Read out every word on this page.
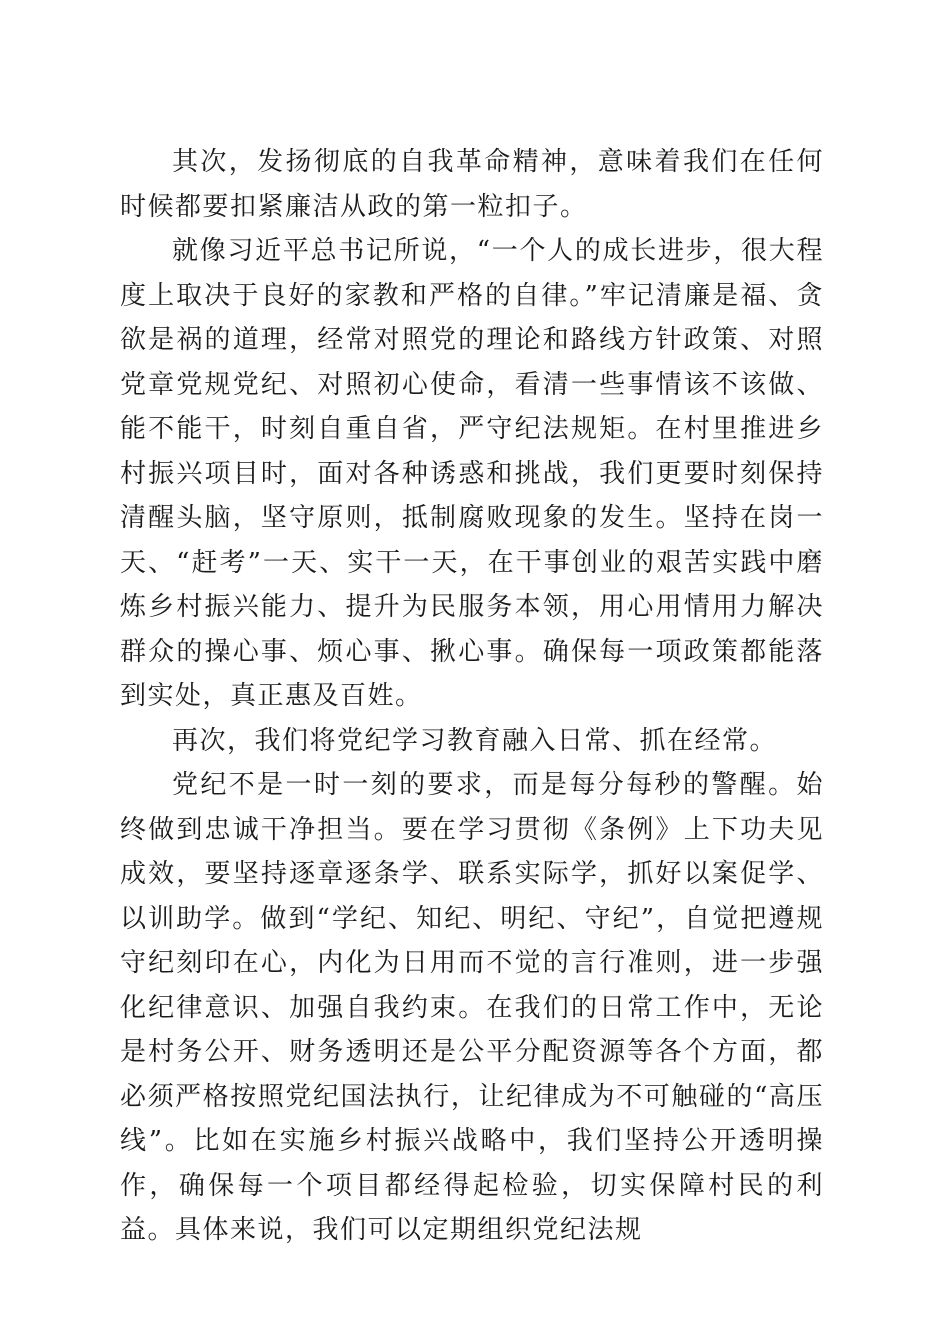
其次，发扬彻底的自我革命精神，意味着我们在任何时候都要扣紧廉洁从政的第一粒扣子。

就像习近平总书记所说，“一个人的成长进步，很大程度上取决于良好的家教和严格的自律。”牢记清廉是福、贪欲是祸的道理，经常对照党的理论和路线方针政策、对照党章党规党纪、对照初心使命，看清一些事情该不该做、能不能干，时刻自重自省，严守纪法规矩。在村里推进乡村振兴项目时，面对各种诱惑和挑战，我们更要时刻保持清醒头脑，坚守原则，抵制腐败现象的发生。坚持在岗一天、“赶考”一天、实干一天，在干事创业的艰苦实践中磨炼乡村振兴能力、提升为民服务本领，用心用情用力解决群众的操心事、烦心事、揪心事。确保每一项政策都能落到实处，真正惠及百姓。

再次，我们将党纪学习教育融入日常、抓在经常。

党纪不是一时一刻的要求，而是每分每秒的警醒。始终做到忠诚干净担当。要在学习贯彻《条例》上下功夫见成效，要坚持逐章逐条学、联系实际学，抓好以案促学、以训助学。做到“学纪、知纪、明纪、守纪”，自觉把遵规守纪刻印在心，内化为日用而不觉的言行准则，进一步强化纪律意识、加强自我约束。在我们的日常工作中，无论是村务公开、财务透明还是公平分配资源等各个方面，都必须严格按照党纪国法执行，让纪律成为不可触碰的“高压线”。比如在实施乡村振兴战略中，我们坚持公开透明操作，确保每一个项目都经得起检验，切实保障村民的利益。具体来说，我们可以定期组织党纪法规
